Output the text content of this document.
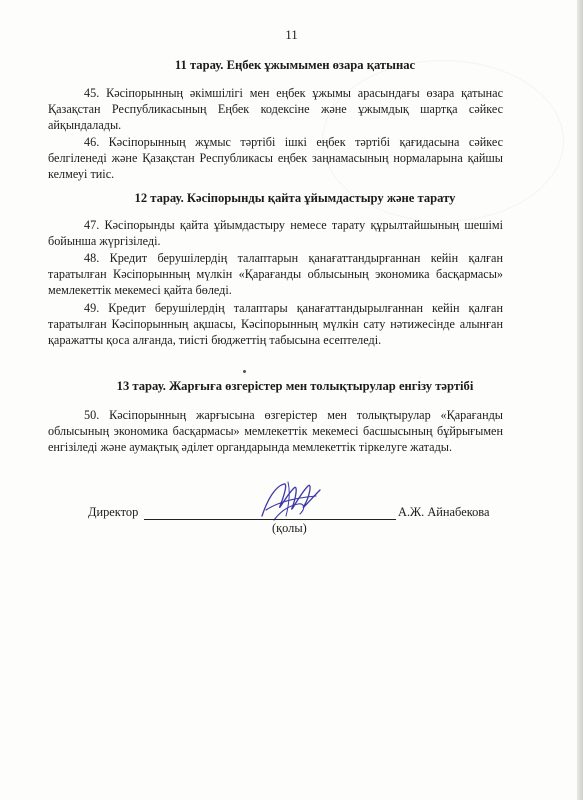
11
11 тарау. Еңбек ұжымымен өзара қатынас
45. Кәсіпорынның әкімшілігі мен еңбек ұжымы арасындағы өзара қатынас Қазақстан Республикасының Еңбек кодексіне және ұжымдық шартқа сәйкес айқындалады.
46. Кәсіпорынның жұмыс тәртібі ішкі еңбек тәртібі қағидасына сәйкес белгіленеді және Қазақстан Республикасы еңбек заңнамасының нормаларына қайшы келмеуі тиіс.
12 тарау. Кәсіпорынды қайта ұйымдастыру және тарату
47. Кәсіпорынды қайта ұйымдастыру немесе тарату құрылтайшының шешімі бойынша жүргізіледі.
48. Кредит берушілердің талаптарын қанағаттандырғаннан кейін қалған таратылған Кәсіпорынның мүлкін «Қарағанды облысының экономика басқармасы» мемлекеттік мекемесі қайта бөледі.
49. Кредит берушілердің талаптары қанағаттандырылғаннан кейін қалған таратылған Кәсіпорынның ақшасы, Кәсіпорынның мүлкін сату нәтижесінде алынған қаражатты қоса алғанда, тиісті бюджеттің табысына есептеледі.
13 тарау. Жарғыға өзгерістер мен толықтырулар енгізу тәртібі
50. Кәсіпорынның жарғысына өзгерістер мен толықтырулар «Қарағанды облысының экономика басқармасы» мемлекеттік мекемесі басшысының бұйрығымен енгізіледі және аумақтық әділет органдарында мемлекеттік тіркелуге жатады.
Директор	А.Ж. Айнабекова
(қолы)
